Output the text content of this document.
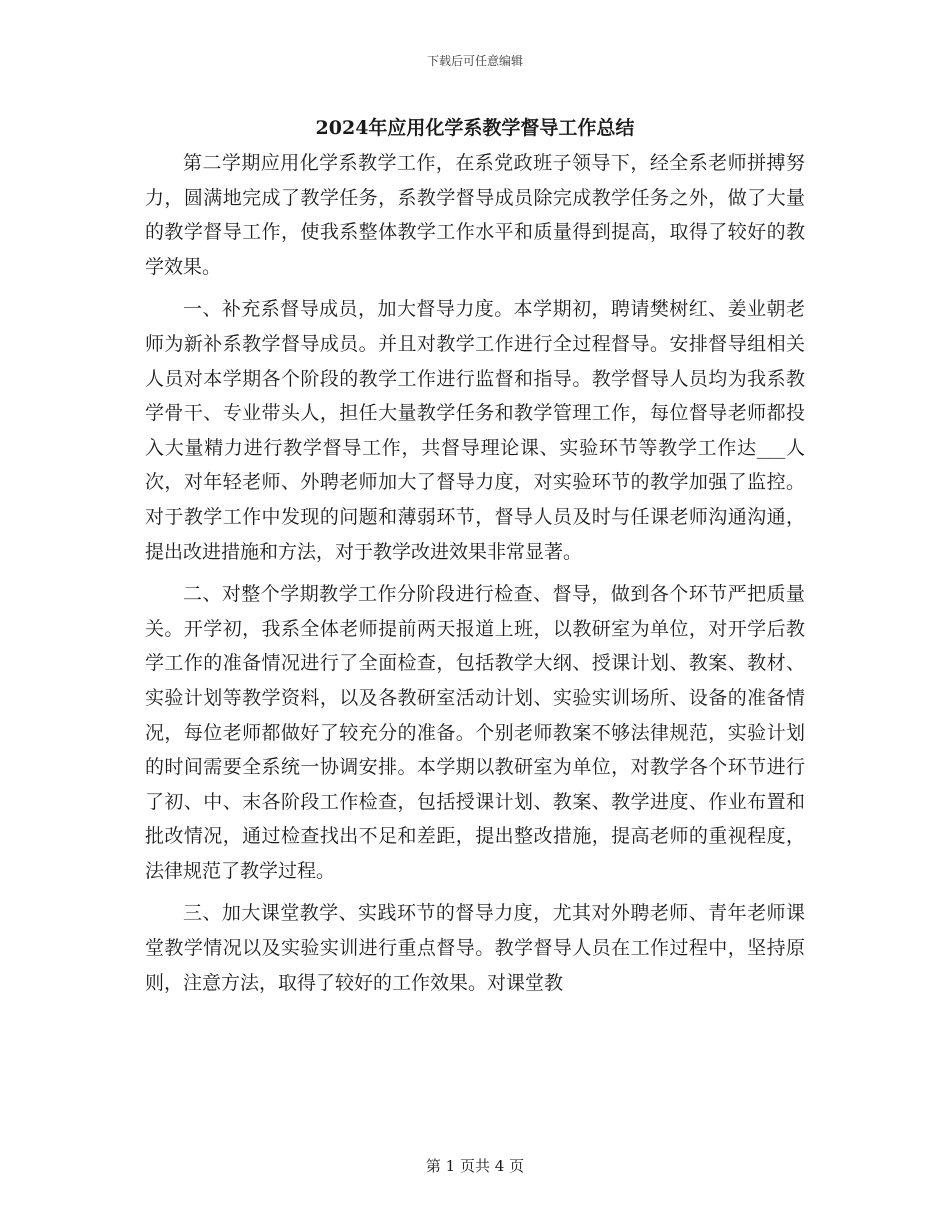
下载后可任意编辑
2024年应用化学系教学督导工作总结

第二学期应用化学系教学工作，在系党政班子领导下，经全系老师拼搏努力，圆满地完成了教学任务，系教学督导成员除完成教学任务之外，做了大量的教学督导工作，使我系整体教学工作水平和质量得到提高，取得了较好的教学效果。

一、补充系督导成员，加大督导力度。本学期初，聘请樊树红、姜业朝老师为新补系教学督导成员。并且对教学工作进行全过程督导。安排督导组相关人员对本学期各个阶段的教学工作进行监督和指导。教学督导人员均为我系教学骨干、专业带头人，担任大量教学任务和教学管理工作，每位督导老师都投入大量精力进行教学督导工作，共督导理论课、实验环节等教学工作达___人次，对年轻老师、外聘老师加大了督导力度，对实验环节的教学加强了监控。对于教学工作中发现的问题和薄弱环节，督导人员及时与任课老师沟通沟通，提出改进措施和方法，对于教学改进效果非常显著。

二、对整个学期教学工作分阶段进行检查、督导，做到各个环节严把质量关。开学初，我系全体老师提前两天报道上班，以教研室为单位，对开学后教学工作的准备情况进行了全面检查，包括教学大纲、授课计划、教案、教材、实验计划等教学资料，以及各教研室活动计划、实验实训场所、设备的准备情况，每位老师都做好了较充分的准备。个别老师教案不够法律规范，实验计划的时间需要全系统一协调安排。本学期以教研室为单位，对教学各个环节进行了初、中、末各阶段工作检查，包括授课计划、教案、教学进度、作业布置和批改情况，通过检查找出不足和差距，提出整改措施，提高老师的重视程度，法律规范了教学过程。

三、加大课堂教学、实践环节的督导力度，尤其对外聘老师、青年老师课堂教学情况以及实验实训进行重点督导。教学督导人员在工作过程中，坚持原则，注意方法，取得了较好的工作效果。对课堂教

第 1 页共 4 页
